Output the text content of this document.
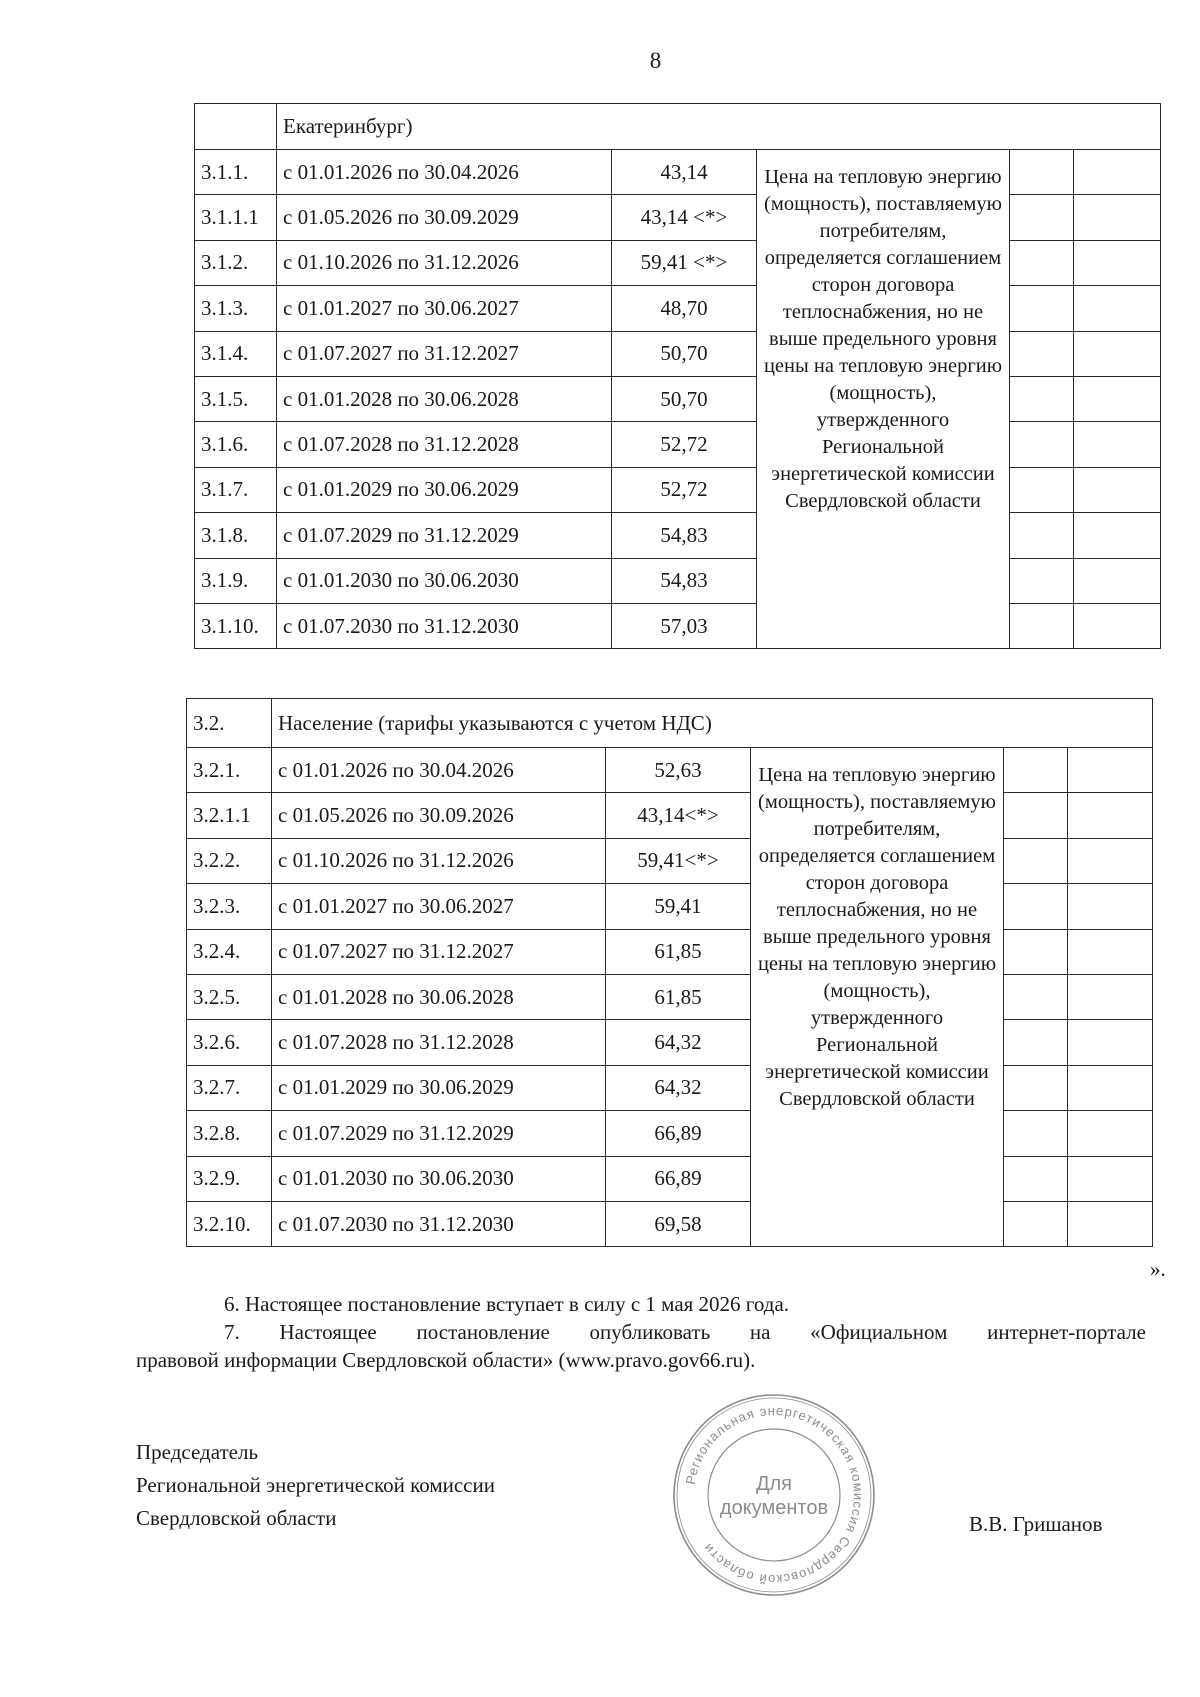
8
	Екатеринбург)				
3.1.1.	с 01.01.2026 по 30.04.2026	43,14	Цена на тепловую энергию (мощность), поставляемую потребителям, определяется соглашением сторон договора теплоснабжения, но не выше предельного уровня цены на тепловую энергию (мощность), утвержденного Региональной энергетической комиссии Свердловской области		
3.1.1.1	с 01.05.2026 по 30.09.2029	43,14 <*>			
3.1.2.	с 01.10.2026 по 31.12.2026	59,41 <*>			
3.1.3.	с 01.01.2027 по 30.06.2027	48,70			
3.1.4.	с 01.07.2027 по 31.12.2027	50,70			
3.1.5.	с 01.01.2028 по 30.06.2028	50,70			
3.1.6.	с 01.07.2028 по 31.12.2028	52,72			
3.1.7.	с 01.01.2029 по 30.06.2029	52,72			
3.1.8.	с 01.07.2029 по 31.12.2029	54,83			
3.1.9.	с 01.01.2030 по 30.06.2030	54,83			
3.1.10.	с 01.07.2030 по 31.12.2030	57,03			
3.2.	Население (тарифы указываются с учетом НДС)				
3.2.1.	с 01.01.2026 по 30.04.2026	52,63	Цена на тепловую энергию (мощность), поставляемую потребителям, определяется соглашением сторон договора теплоснабжения, но не выше предельного уровня цены на тепловую энергию (мощность), утвержденного Региональной энергетической комиссии Свердловской области		
3.2.1.1	с 01.05.2026 по 30.09.2026	43,14<*>			
3.2.2.	с 01.10.2026 по 31.12.2026	59,41<*>			
3.2.3.	с 01.01.2027 по 30.06.2027	59,41			
3.2.4.	с 01.07.2027 по 31.12.2027	61,85			
3.2.5.	с 01.01.2028 по 30.06.2028	61,85			
3.2.6.	с 01.07.2028 по 31.12.2028	64,32			
3.2.7.	с 01.01.2029 по 30.06.2029	64,32			
3.2.8.	с 01.07.2029 по 31.12.2029	66,89			
3.2.9.	с 01.01.2030 по 30.06.2030	66,89			
3.2.10.	с 01.07.2030 по 31.12.2030	69,58			
».
6. Настоящее постановление вступает в силу с 1 мая 2026 года.
7. Настоящее постановление опубликовать на «Официальном интернет-портале
правовой информации Свердловской области» (www.pravo.gov66.ru).
Председатель
Региональной энергетической комиссии
Свердловской области	В.В. Гришанов
Региональная энергетическая комиссия Свердловской области
Для
документов
